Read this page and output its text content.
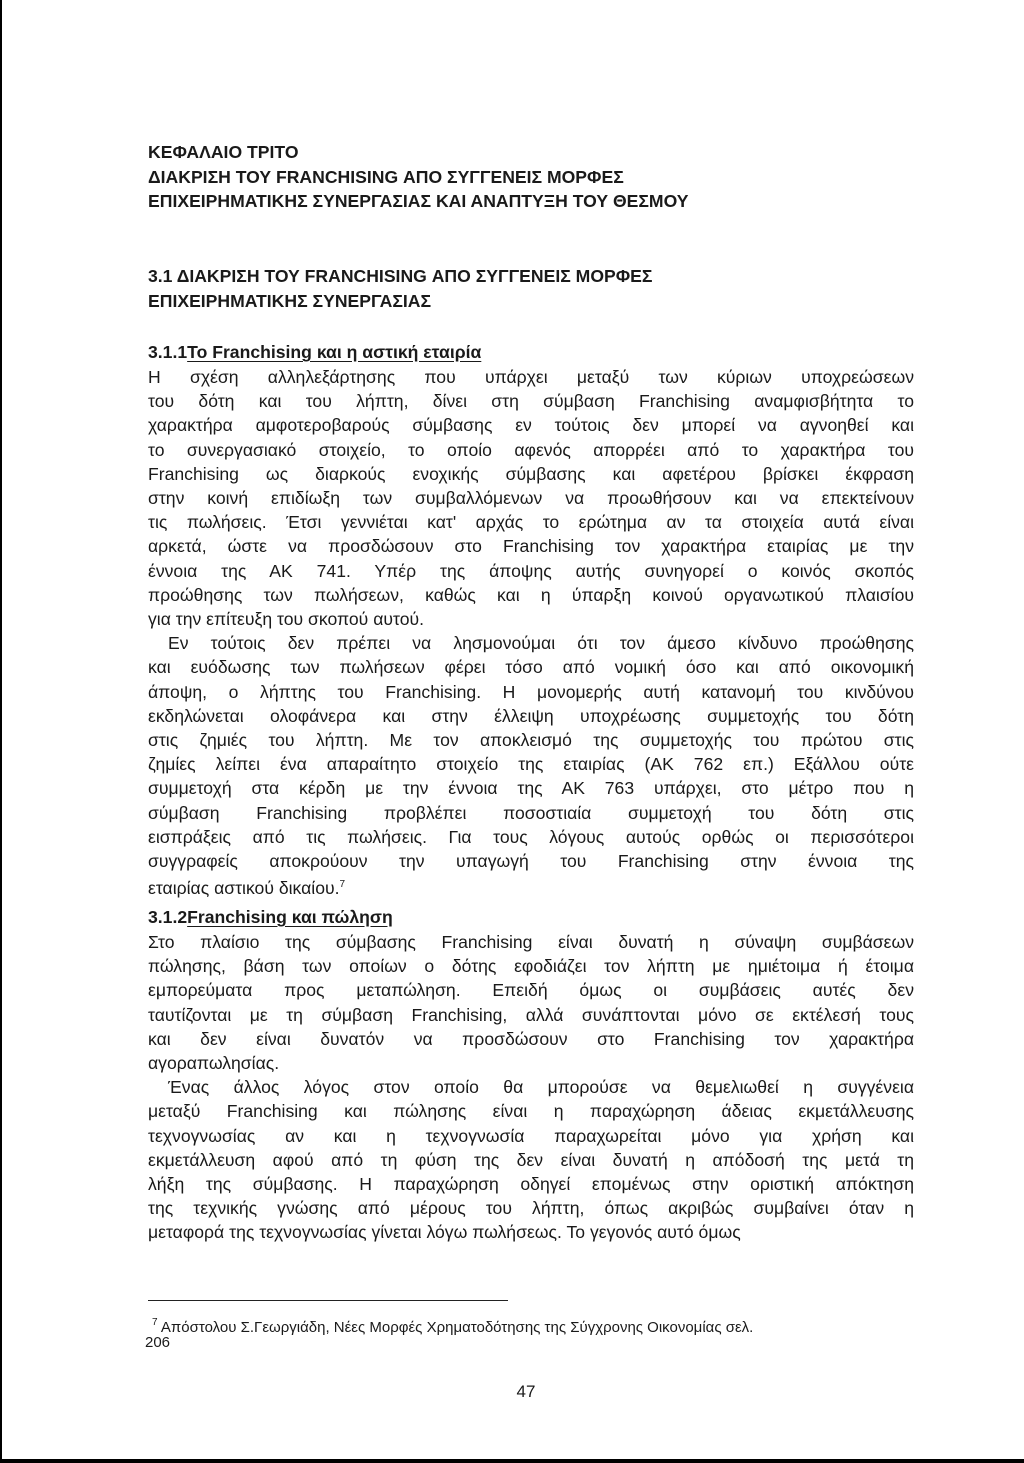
ΚΕΦΑΛΑΙΟ ΤΡΙΤΟ
ΔΙΑΚΡΙΣΗ ΤΟΥ FRANCHISING ΑΠΟ ΣΥΓΓΕΝΕΙΣ ΜΟΡΦΕΣ
ΕΠΙΧΕΙΡΗΜΑΤΙΚΗΣ ΣΥΝΕΡΓΑΣΙΑΣ ΚΑΙ ΑΝΑΠΤΥΞΗ ΤΟΥ ΘΕΣΜΟΥ
3.1 ΔΙΑΚΡΙΣΗ ΤΟΥ FRANCHISING ΑΠΟ ΣΥΓΓΕΝΕΙΣ ΜΟΡΦΕΣ
ΕΠΙΧΕΙΡΗΜΑΤΙΚΗΣ ΣΥΝΕΡΓΑΣΙΑΣ
3.1.1Το Franchising και η αστική εταιρία
Η σχέση αλληλεξάρτησης που υπάρχει μεταξύ των κύριων υποχρεώσεων
του δότη και του λήπτη, δίνει στη σύμβαση Franchising αναμφισβήτητα το
χαρακτήρα αμφοτεροβαρούς σύμβασης εν τούτοις δεν μπορεί να αγνοηθεί και
το συνεργασιακό στοιχείο, το οποίο αφενός απορρέει από το χαρακτήρα του
Franchising ως διαρκούς ενοχικής σύμβασης και αφετέρου βρίσκει έκφραση
στην κοινή επιδίωξη των συμβαλλόμενων να προωθήσουν και να επεκτείνουν
τις πωλήσεις. Έτσι γεννιέται κατ' αρχάς το ερώτημα αν τα στοιχεία αυτά είναι
αρκετά, ώστε να προσδώσουν στο Franchising τον χαρακτήρα εταιρίας με την
έννοια της ΑΚ 741. Υπέρ της άποψης αυτής συνηγορεί ο κοινός σκοπός
προώθησης των πωλήσεων, καθώς και η ύπαρξη κοινού οργανωτικού πλαισίου
για την επίτευξη του σκοπού αυτού.
Εν τούτοις δεν πρέπει να λησμονούμαι ότι τον άμεσο κίνδυνο προώθησης
και ευόδωσης των πωλήσεων φέρει τόσο από νομική όσο και από οικονομική
άποψη, ο λήπτης του Franchising. Η μονομερής αυτή κατανομή του κινδύνου
εκδηλώνεται ολοφάνερα και στην έλλειψη υποχρέωσης συμμετοχής του δότη
στις ζημιές του λήπτη. Με τον αποκλεισμό της συμμετοχής του πρώτου στις
ζημίες λείπει ένα απαραίτητο στοιχείο της εταιρίας (ΑΚ 762 επ.) Εξάλλου ούτε
συμμετοχή στα κέρδη με την έννοια της ΑΚ 763 υπάρχει, στο μέτρο που η
σύμβαση Franchising προβλέπει ποσοστιαία συμμετοχή του δότη στις
εισπράξεις από τις πωλήσεις. Για τους λόγους αυτούς ορθώς οι περισσότεροι
συγγραφείς αποκρούουν την υπαγωγή του Franchising στην έννοια της
εταιρίας αστικού δικαίου.$^7$
3.1.2Franchising και πώληση
Στο πλαίσιο της σύμβασης Franchising είναι δυνατή η σύναψη συμβάσεων
πώλησης, βάση των οποίων ο δότης εφοδιάζει τον λήπτη με ημιέτοιμα ή έτοιμα
εμπορεύματα προς μεταπώληση. Επειδή όμως οι συμβάσεις αυτές δεν
ταυτίζονται με τη σύμβαση Franchising, αλλά συνάπτονται μόνο σε εκτέλεσή τους
και δεν είναι δυνατόν να προσδώσουν στο Franchising τον χαρακτήρα
αγοραπωλησίας.
Ένας άλλος λόγος στον οποίο θα μπορούσε να θεμελιωθεί η συγγένεια
μεταξύ Franchising και πώλησης είναι η παραχώρηση άδειας εκμετάλλευσης
τεχνογνωσίας αν και η τεχνογνωσία παραχωρείται μόνο για χρήση και
εκμετάλλευση αφού από τη φύση της δεν είναι δυνατή η απόδοσή της μετά τη
λήξη της σύμβασης. Η παραχώρηση οδηγεί επομένως στην οριστική απόκτηση
της τεχνικής γνώσης από μέρους του λήπτη, όπως ακριβώς συμβαίνει όταν η
μεταφορά της τεχνογνωσίας γίνεται λόγω πωλήσεως. Το γεγονός αυτό όμως
$^7$ Απόστολου Σ.Γεωργιάδη, Νέες Μορφές Χρηματοδότησης της Σύγχρονης Οικονομίας σελ.
206
47
